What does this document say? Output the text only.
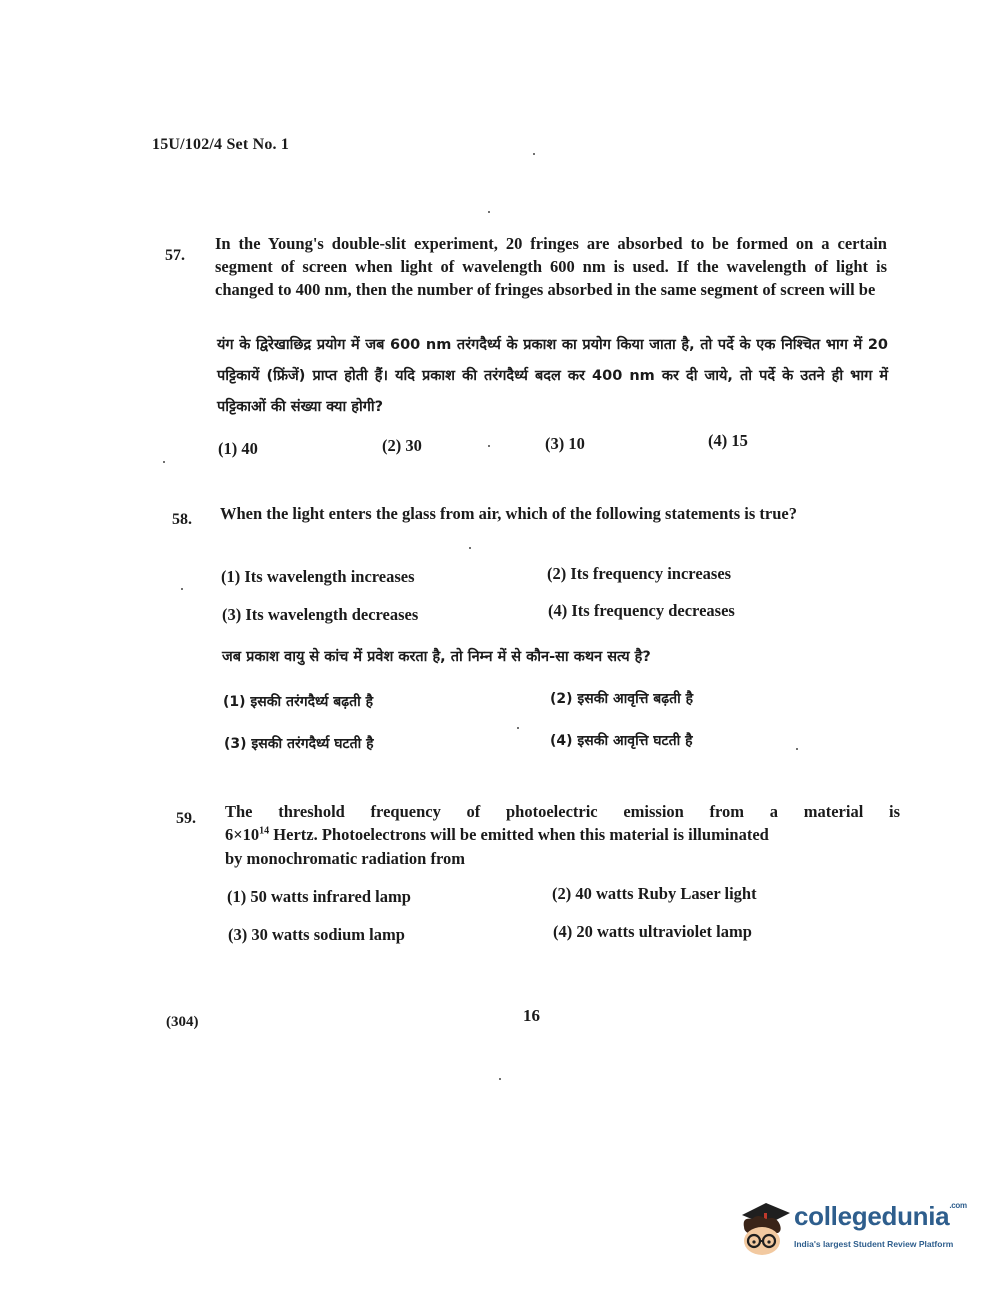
15U/102/4 Set No. 1
57.
In the Young's double-slit experiment, 20 fringes are absorbed to be formed on a certain segment of screen when light of wavelength 600 nm is used. If the wavelength of light is changed to 400 nm, then the number of fringes absorbed in the same segment of screen will be
यंग के द्विरेखाछिद्र प्रयोग में जब 600 nm तरंगदैर्ध्य के प्रकाश का प्रयोग किया जाता है, तो पर्दे के एक निश्चित भाग में 20 पट्टिकायें (फ्रिंजें) प्राप्त होती हैं। यदि प्रकाश की तरंगदैर्ध्य बदल कर 400 nm कर दी जाये, तो पर्दे के उतने ही भाग में पट्टिकाओं की संख्या क्या होगी?
(1) 40	(2) 30	(3) 10	(4) 15
58. When the light enters the glass from air, which of the following statements is true?
(1) Its wavelength increases	(2) Its frequency increases
(3) Its wavelength decreases	(4) Its frequency decreases
जब प्रकाश वायु से कांच में प्रवेश करता है, तो निम्न में से कौन-सा कथन सत्य है?
(1) इसकी तरंगदैर्ध्य बढ़ती है	(2) इसकी आवृत्ति बढ़ती है
(3) इसकी तरंगदैर्ध्य घटती है	(4) इसकी आवृत्ति घटती है
59. The threshold frequency of photoelectric emission from a material is
$6\times 10^{14}$ Hertz. Photoelectrons will be emitted when this material is illuminated
by monochromatic radiation from
(1) 50 watts infrared lamp	(2) 40 watts Ruby Laser light
(3) 30 watts sodium lamp	(4) 20 watts ultraviolet lamp
(304)	16
collegedunia$^{.com}$
India's largest Student Review Platform
